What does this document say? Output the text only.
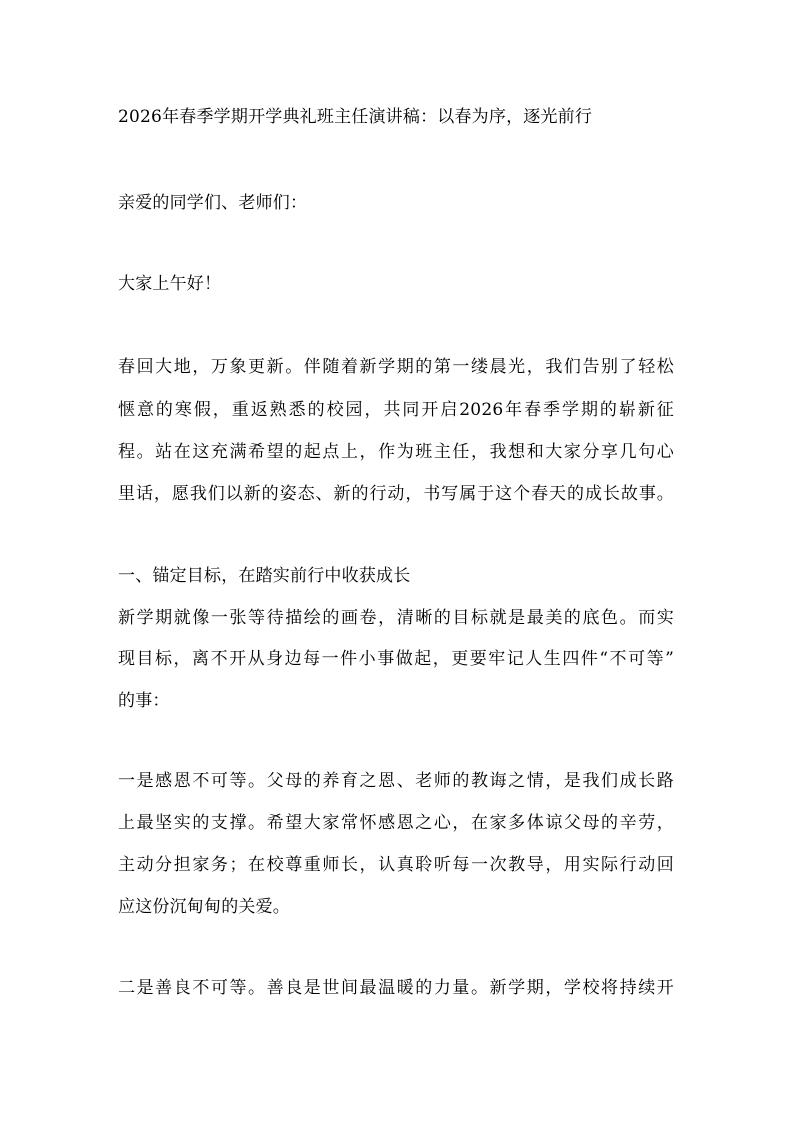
2026年春季学期开学典礼班主任演讲稿：以春为序，逐光前行
亲爱的同学们、老师们：
大家上午好！
春回大地，万象更新。伴随着新学期的第一缕晨光，我们告别了轻松
惬意的寒假，重返熟悉的校园，共同开启2026年春季学期的崭新征
程。站在这充满希望的起点上，作为班主任，我想和大家分享几句心
里话，愿我们以新的姿态、新的行动，书写属于这个春天的成长故事。
一、锚定目标，在踏实前行中收获成长
新学期就像一张等待描绘的画卷，清晰的目标就是最美的底色。而实
现目标，离不开从身边每一件小事做起，更要牢记人生四件“不可等”
的事：
一是感恩不可等。父母的养育之恩、老师的教诲之情，是我们成长路
上最坚实的支撑。希望大家常怀感恩之心，在家多体谅父母的辛劳，
主动分担家务；在校尊重师长，认真聆听每一次教导，用实际行动回
应这份沉甸甸的关爱。
二是善良不可等。善良是世间最温暖的力量。新学期，学校将持续开
